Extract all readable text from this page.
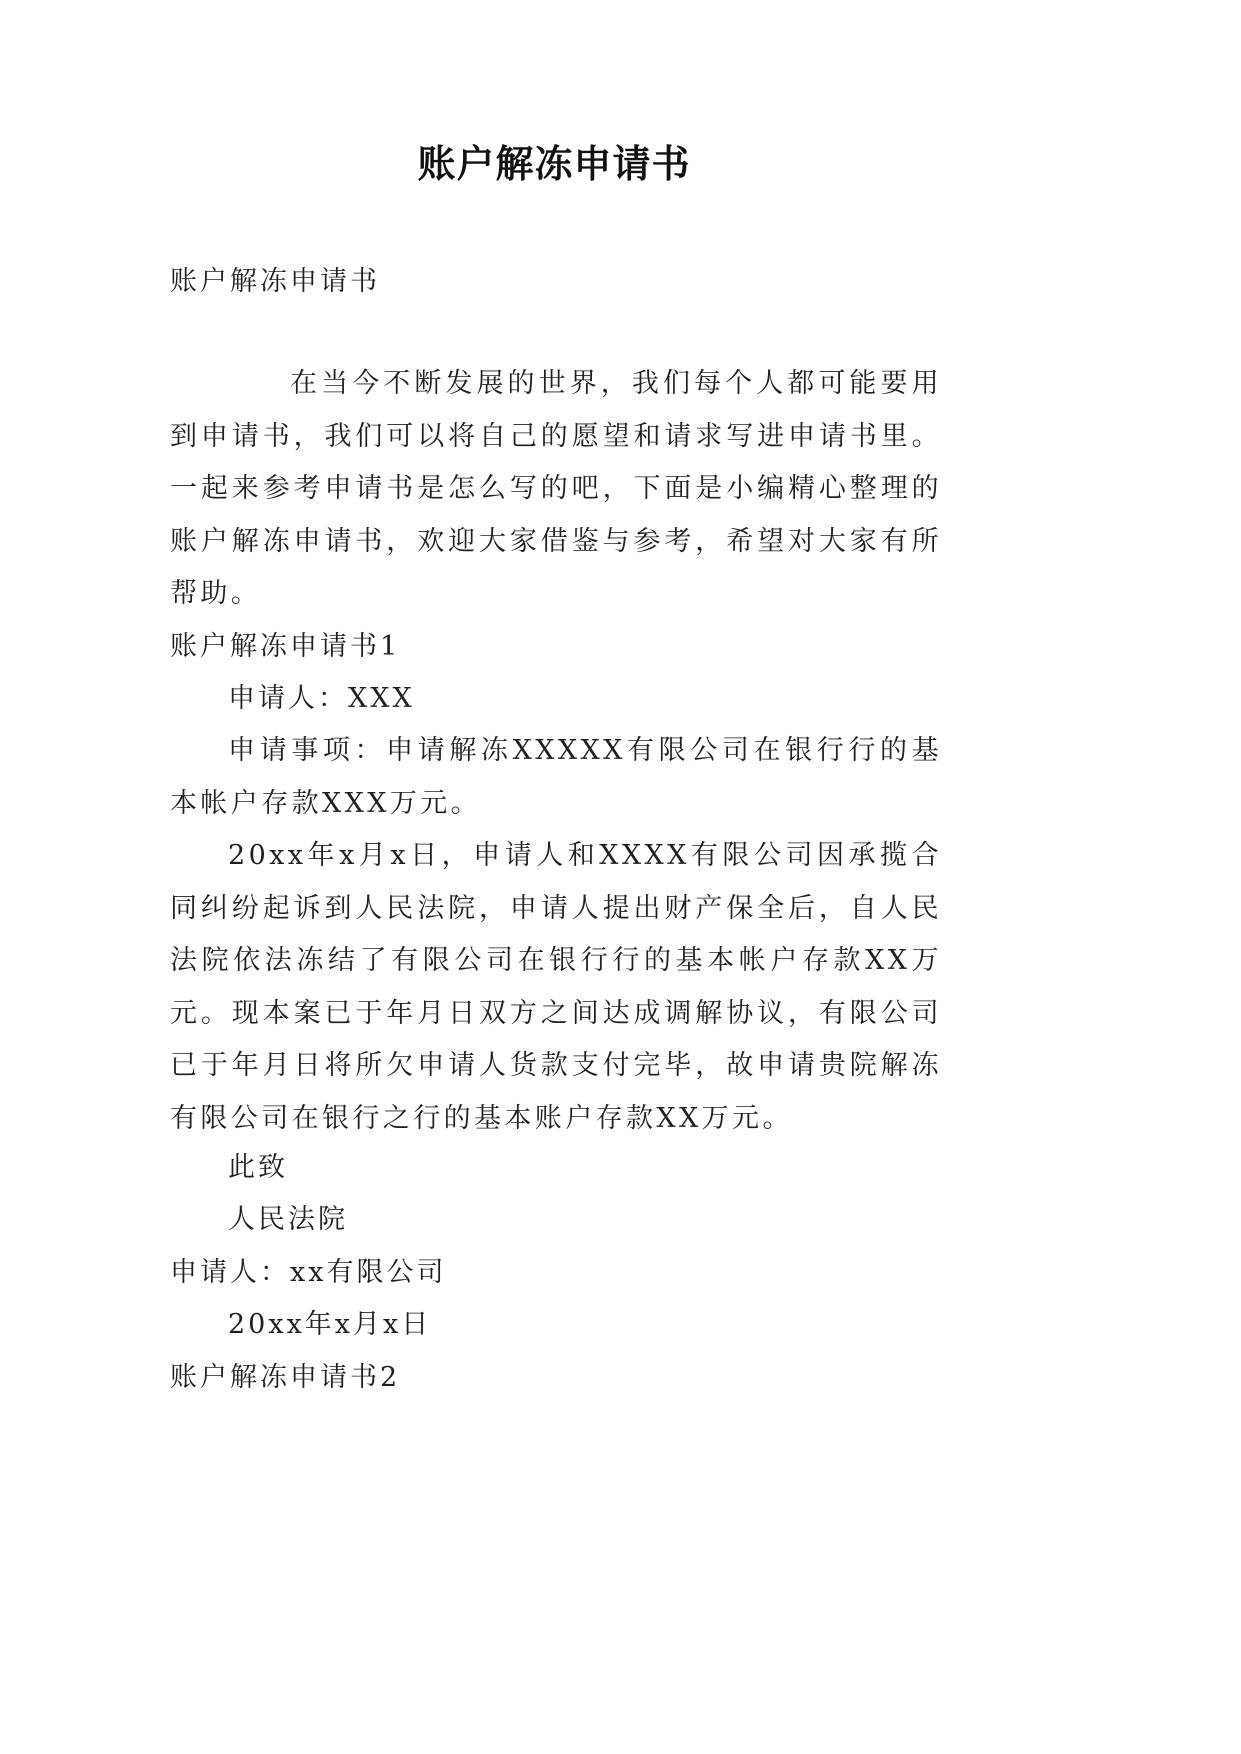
账户解冻申请书
账户解冻申请书
在当今不断发展的世界，我们每个人都可能要用到申请书，我们可以将自己的愿望和请求写进申请书里。一起来参考申请书是怎么写的吧，下面是小编精心整理的账户解冻申请书，欢迎大家借鉴与参考，希望对大家有所帮助。
账户解冻申请书1
申请人：XXX
申请事项：申请解冻XXXXX有限公司在银行行的基本帐户存款XXX万元。
20xx年x月x日，申请人和XXXX有限公司因承揽合同纠纷起诉到人民法院，申请人提出财产保全后，自人民法院依法冻结了有限公司在银行行的基本帐户存款XX万元。现本案已于年月日双方之间达成调解协议，有限公司已于年月日将所欠申请人货款支付完毕，故申请贵院解冻有限公司在银行之行的基本账户存款XX万元。
此致
人民法院
申请人：xx有限公司
20xx年x月x日
账户解冻申请书2
